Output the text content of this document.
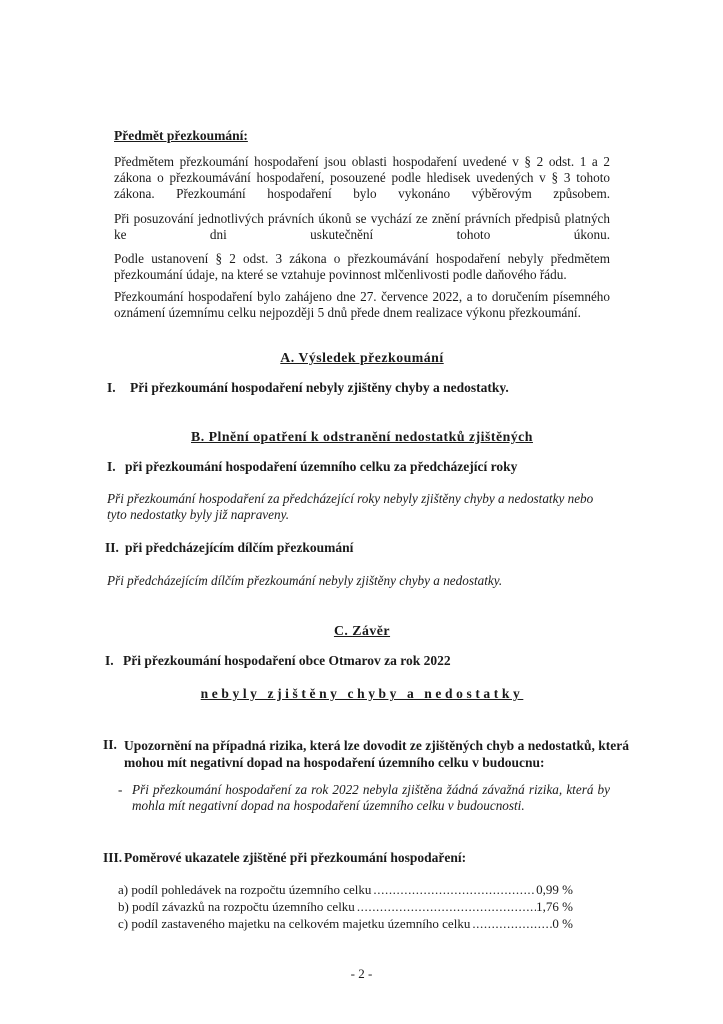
Předmět přezkoumání:
Předmětem přezkoumání hospodaření jsou oblasti hospodaření uvedené v § 2 odst. 1 a 2 zákona o přezkoumávání hospodaření, posouzené podle hledisek uvedených v § 3 tohoto zákona. Přezkoumání hospodaření bylo vykonáno výběrovým způsobem.
Při posuzování jednotlivých právních úkonů se vychází ze znění právních předpisů platných ke dni uskutečnění tohoto úkonu.
Podle ustanovení § 2 odst. 3 zákona o přezkoumávání hospodaření nebyly předmětem přezkoumání údaje, na které se vztahuje povinnost mlčenlivosti podle daňového řádu.
Přezkoumání hospodaření bylo zahájeno dne 27. července 2022, a to doručením písemného oznámení územnímu celku nejpozději 5 dnů přede dnem realizace výkonu přezkoumání.
A. Výsledek přezkoumání
I. Při přezkoumání hospodaření nebyly zjištěny chyby a nedostatky.
B. Plnění opatření k odstranění nedostatků zjištěných
I. při přezkoumání hospodaření územního celku za předcházející roky
Při přezkoumání hospodaření za předcházející roky nebyly zjištěny chyby a nedostatky nebo tyto nedostatky byly již napraveny.
II. při předcházejícím dílčím přezkoumání
Při předcházejícím dílčím přezkoumání nebyly zjištěny chyby a nedostatky.
C. Závěr
I. Při přezkoumání hospodaření obce Otmarov za rok 2022
nebyly zjištěny chyby a nedostatky
II. Upozornění na případná rizika, která lze dovodit ze zjištěných chyb a nedostatků, která mohou mít negativní dopad na hospodaření územního celku v budoucnu:
- Při přezkoumání hospodaření za rok 2022 nebyla zjištěna žádná závažná rizika, která by mohla mít negativní dopad na hospodaření územního celku v budoucnosti.
III. Poměrové ukazatele zjištěné při přezkoumání hospodaření:
a) podíl pohledávek na rozpočtu územního celku .....	0,99 %
b) podíl závazků na rozpočtu územního celku .....	1,76 %
c) podíl zastaveného majetku na celkovém majetku územního celku .....	0 %
- 2 -
